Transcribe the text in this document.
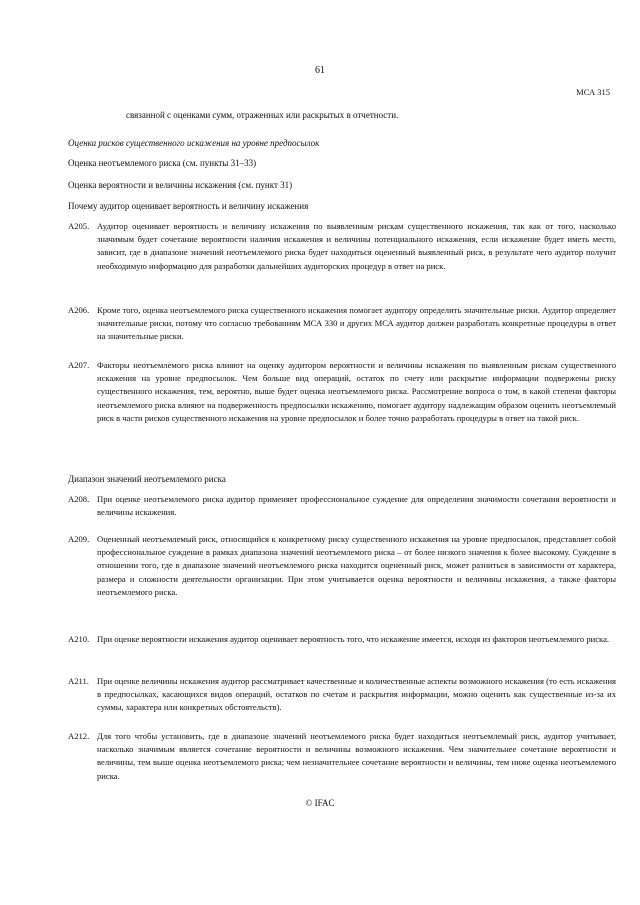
61
МСА 315
связанной с оценками сумм, отраженных или раскрытых в отчетности.
Оценка рисков существенного искажения на уровне предпосылок
Оценка неотъемлемого риска (см. пункты 31–33)
Оценка вероятности и величины искажения (см. пункт 31)
Почему аудитор оценивает вероятность и величину искажения
A205. Аудитор оценивает вероятность и величину искажения по выявленным рискам существенного искажения, так как от того, насколько значимым будет сочетание вероятности наличия искажения и величины потенциального искажения, если искажение будет иметь место, зависит, где в диапазоне значений неотъемлемого риска будет находиться оцененный выявленный риск, в результате чего аудитор получит необходимую информацию для разработки дальнейших аудиторских процедур в ответ на риск.
A206. Кроме того, оценка неотъемлемого риска существенного искажения помогает аудитору определить значительные риски. Аудитор определяет значительные риски, потому что согласно требованиям МСА 330 и других МСА аудитор должен разработать конкретные процедуры в ответ на значительные риски.
A207. Факторы неотъемлемого риска влияют на оценку аудитором вероятности и величины искажения по выявленным рискам существенного искажения на уровне предпосылок. Чем больше вид операций, остаток по счету или раскрытие информации подвержены риску существенного искажения, тем, вероятно, выше будет оценка неотъемлемого риска. Рассмотрение вопроса о том, в какой степени факторы неотъемлемого риска влияют на подверженность предпосылки искажению, помогает аудитору надлежащим образом оценить неотъемлемый риск в части рисков существенного искажения на уровне предпосылок и более точно разработать процедуры в ответ на такой риск.
Диапазон значений неотъемлемого риска
A208. При оценке неотъемлемого риска аудитор применяет профессиональное суждение для определения значимости сочетания вероятности и величины искажения.
A209. Оцененный неотъемлемый риск, относящийся к конкретному риску существенного искажения на уровне предпосылок, представляет собой профессиональное суждение в рамках диапазона значений неотъемлемого риска – от более низкого значения к более высокому. Суждение в отношении того, где в диапазоне значений неотъемлемого риска находится оцененный риск, может разниться в зависимости от характера, размера и сложности деятельности организации. При этом учитывается оценка вероятности и величины искажения, а также факторы неотъемлемого риска.
A210. При оценке вероятности искажения аудитор оценивает вероятность того, что искажение имеется, исходя из факторов неотъемлемого риска.
A211. При оценке величины искажения аудитор рассматривает качественные и количественные аспекты возможного искажения (то есть искажения в предпосылках, касающихся видов операций, остатков по счетам и раскрытия информации, можно оценить как существенные из-за их суммы, характера или конкретных обстоятельств).
A212. Для того чтобы установить, где в диапазоне значений неотъемлемого риска будет находиться неотъемлемый риск, аудитор учитывает, насколько значимым является сочетание вероятности и величины возможного искажения. Чем значительнее сочетание вероятности и величины, тем выше оценка неотъемлемого риска; чем незначительнее сочетание вероятности и величины, тем ниже оценка неотъемлемого риска.
© IFAC
